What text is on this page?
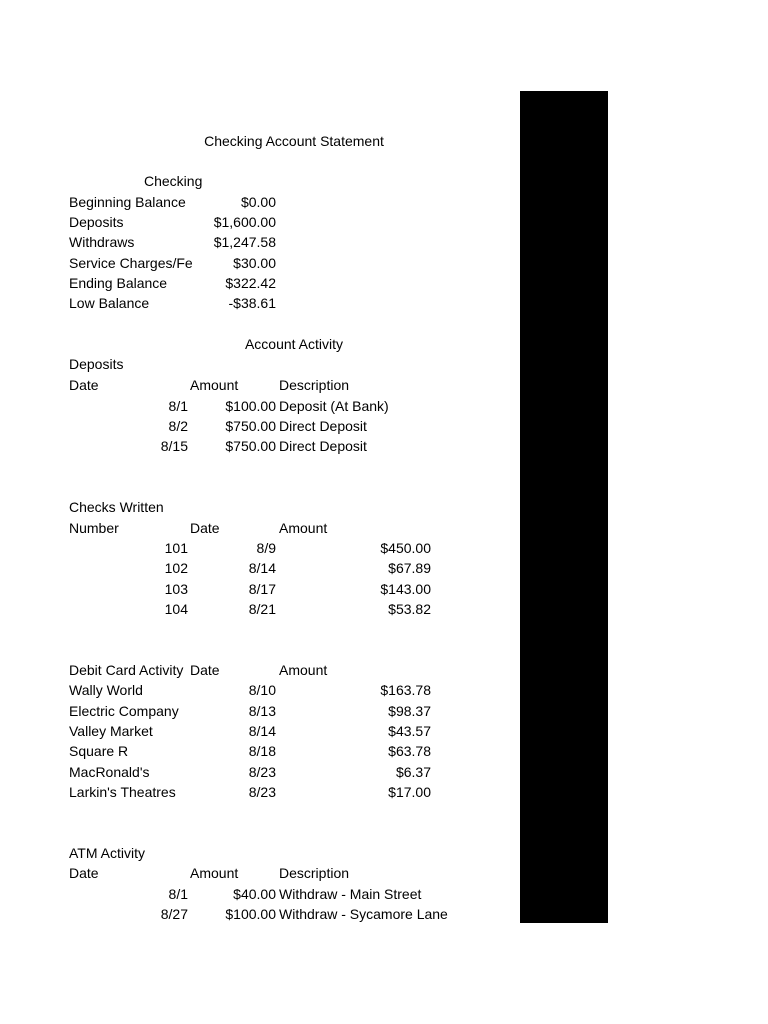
Checking Account Statement
Checking
Beginning Balance	$0.00
Deposits	$1,600.00
Withdraws	$1,247.58
Service Charges/Fe	$30.00
Ending Balance	$322.42
Low Balance	-$38.61
Account Activity
Deposits
Date	Amount	Description
8/1	$100.00 Deposit (At Bank)
8/2	$750.00 Direct Deposit
8/15	$750.00 Direct Deposit
Checks Written
Number	Date	Amount
101	8/9	$450.00
102	8/14	$67.89
103	8/17	$143.00
104	8/21	$53.82
Debit Card Activity Date	Amount
Wally World	8/10	$163.78
Electric Company	8/13	$98.37
Valley Market	8/14	$43.57
Square R	8/18	$63.78
MacRonald's	8/23	$6.37
Larkin's Theatres	8/23	$17.00
ATM Activity
Date	Amount	Description
8/1	$40.00 Withdraw - Main Street
8/27	$100.00 Withdraw - Sycamore Lane
